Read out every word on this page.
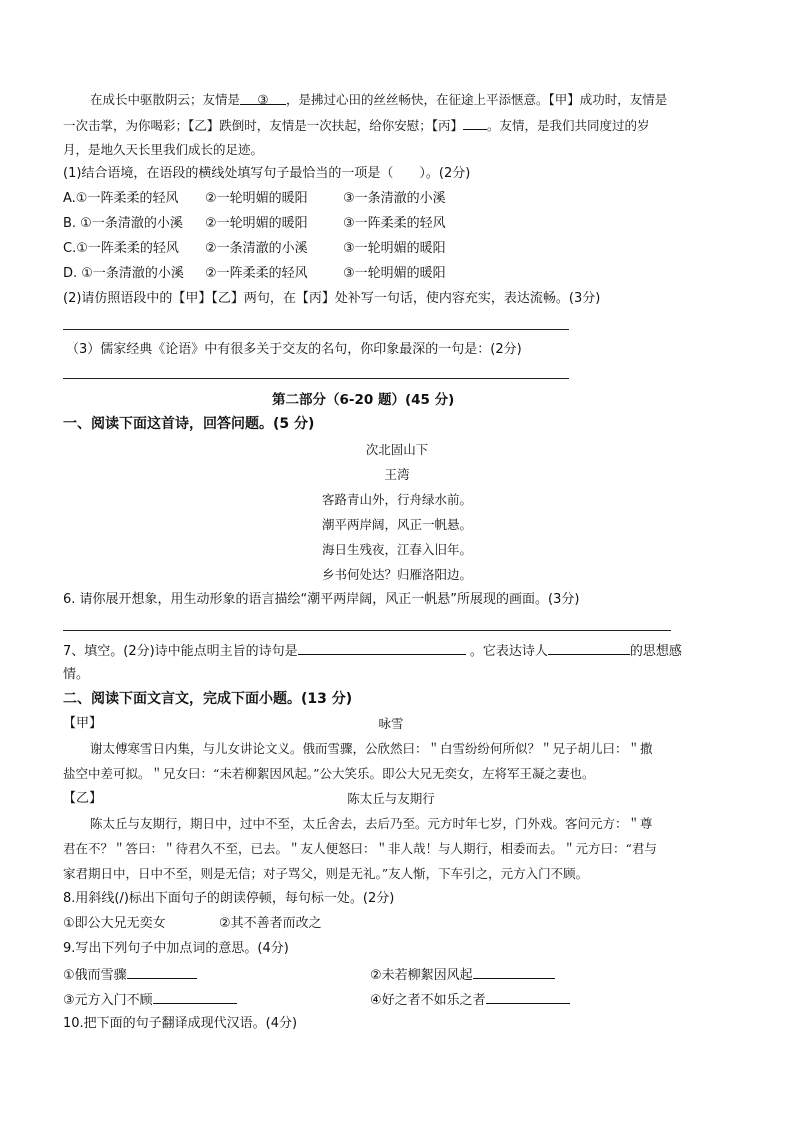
在成长中驱散阴云；友情是 ③ ，是拂过心田的丝丝畅快，在征途上平添惬意。【甲】成功时，友情是
一次击掌，为你喝彩；【乙】跌倒时，友情是一次扶起，给你安慰；【丙】 。友情，是我们共同度过的岁
月，是地久天长里我们成长的足迹。
(1)结合语境，在语段的横线处填写句子最恰当的一项是（　　）。(2分)
A.①一阵柔柔的轻风 ②一轮明媚的暖阳	③一条清澈的小溪
B. ①一条清澈的小溪 ②一轮明媚的暖阳	③一阵柔柔的轻风
C.①一阵柔柔的轻风 ②一条清澈的小溪	③一轮明媚的暖阳
D. ①一条清澈的小溪 ②一阵柔柔的轻风	③一轮明媚的暖阳
(2)请仿照语段中的【甲】【乙】两句，在【丙】处补写一句话，使内容充实，表达流畅。(3分)
（3）儒家经典《论语》中有很多关于交友的名句，你印象最深的一句是：(2分)
第二部分（6-20 题）(45 分)
一、阅读下面这首诗，回答问题。(5 分)
次北固山下
王湾
客路青山外，行舟绿水前。
潮平两岸阔，风正一帆悬。
海日生残夜，江春入旧年。
乡书何处达？归雁洛阳边。
6. 请你展开想象，用生动形象的语言描绘“潮平两岸阔，风正一帆悬”所展现的画面。(3分)
7、填空。(2分)诗中能点明主旨的诗句是	。它表达诗人	的思想感
情。
二、阅读下面文言文，完成下面小题。(13 分)
【甲】	咏雪
谢太傅寒雪日内集，与儿女讲论文义。俄而雪骤，公欣然曰：＂白雪纷纷何所似？＂兄子胡儿曰：＂撒
盐空中差可拟。＂兄女曰：“未若柳絮因风起。”公大笑乐。即公大兄无奕女，左将军王凝之妻也。
【乙】	陈太丘与友期行
陈太丘与友期行，期日中，过中不至，太丘舍去，去后乃至。元方时年七岁，门外戏。客问元方：＂尊
君在不？＂答曰：＂待君久不至，已去。＂友人便怒曰：＂非人哉！与人期行，相委而去。＂元方曰：“君与
家君期日中，日中不至，则是无信；对子骂父，则是无礼。”友人惭，下车引之，元方入门不顾。
8.用斜线(/)标出下面句子的朗读停顿，每句标一处。(2分)
①即公大兄无奕女	②其不善者而改之
9.写出下列句子中加点词的意思。(4分)
①俄而雪骤	②未若柳絮因风起
③元方入门不顾	④好之者不如乐之者
10.把下面的句子翻译成现代汉语。(4分)
